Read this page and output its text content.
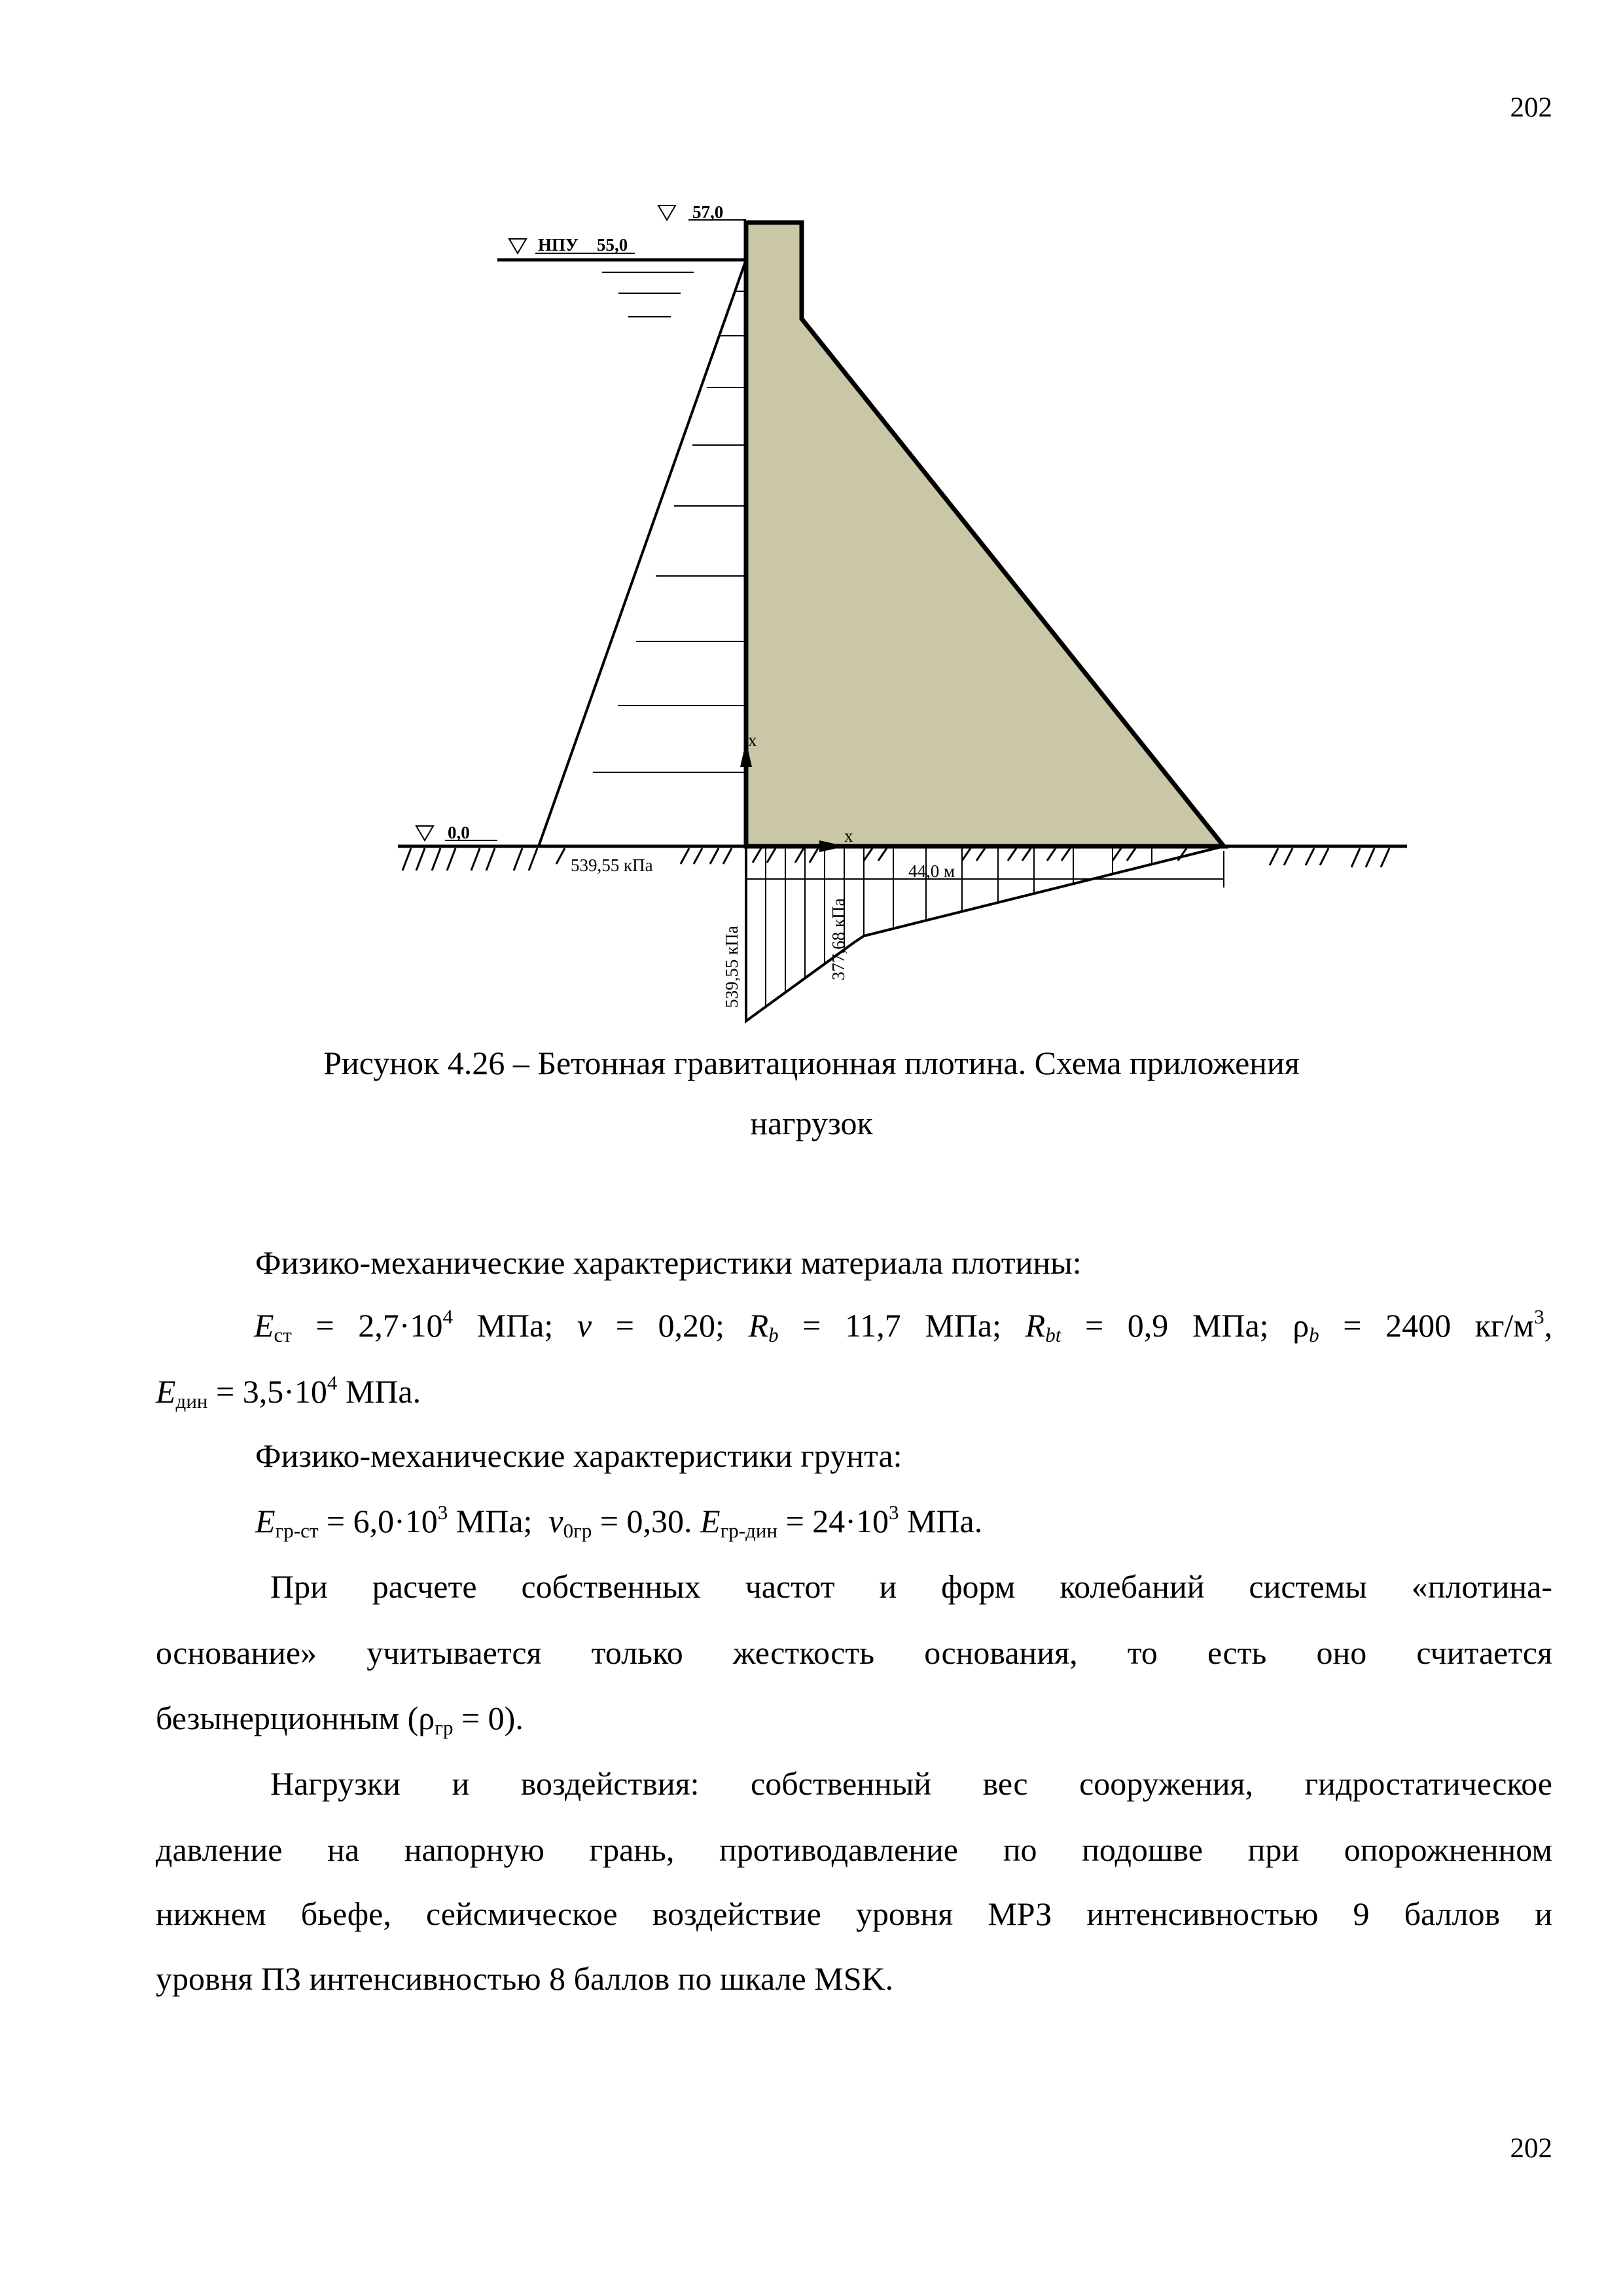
202
x
x
44,0 м
57,0
НПУ 55,0
0,0
539,55 кПа
539,55 кПа	377,68 кПа
Рисунок 4.26 – Бетонная гравитационная плотина. Схема приложения
нагрузок
Физико-механические характеристики материала плотины:
$E_{ст} = 2,7\cdot 10^4$ МПа; ν = 0,20; $R_b = 11,7$ МПа; $R_{bt} = 0,9$ МПа; $\rho_b = 2400$ $кг/м^3$,
$E_{дин} = 3,5\cdot 10^4$ МПа.
Физико-механические характеристики грунта:
$E_{гр-ст} = 6,0\cdot 10^3$ МПа; $\nu_{0гр} = 0,30$. $E_{гр-дин} = 24\cdot 10^3$ МПа.
При расчете собственных частот и форм колебаний системы «плотина-
основание» учитывается только жесткость основания, то есть оно считается
безынерционным $(\rho_{гр} = 0)$.
Нагрузки и воздействия: собственный вес сооружения, гидростатическое
давление на напорную грань, противодавление по подошве при опорожненном
нижнем бьефе, сейсмическое воздействие уровня МРЗ интенсивностью 9 баллов и
уровня ПЗ интенсивностью 8 баллов по шкале MSK.
202
